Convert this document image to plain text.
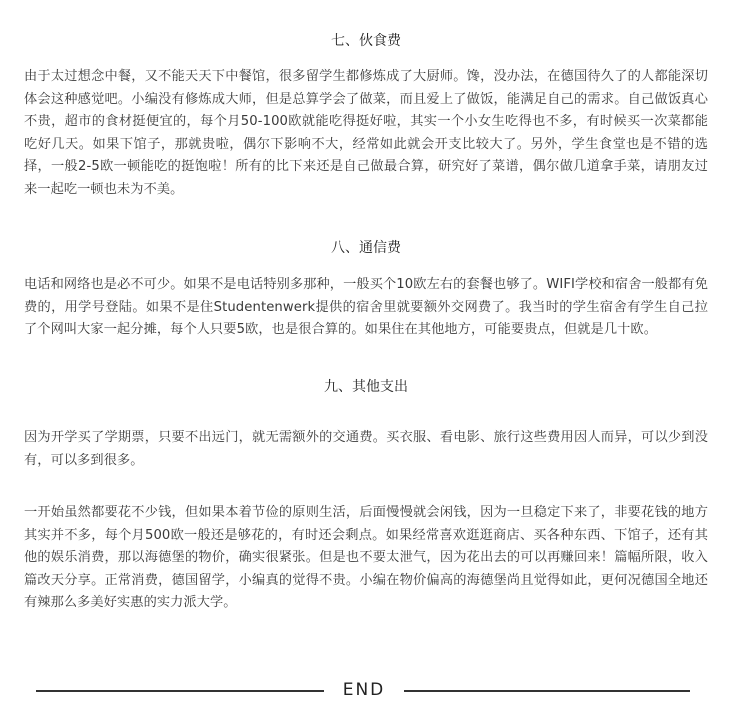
七、伙食费

由于太过想念中餐，又不能天天下中餐馆，很多留学生都修炼成了大厨师。馋，没办法，在德国待久了的人都能深切体会这种感觉吧。小编没有修炼成大师，但是总算学会了做菜，而且爱上了做饭，能满足自己的需求。自己做饭真心不贵，超市的食材挺便宜的，每个月50-100欧就能吃得挺好啦，其实一个小女生吃得也不多，有时候买一次菜都能吃好几天。如果下馆子，那就贵啦，偶尔下影响不大，经常如此就会开支比较大了。另外，学生食堂也是不错的选择，一般2-5欧一顿能吃的挺饱啦！所有的比下来还是自己做最合算，研究好了菜谱，偶尔做几道拿手菜，请朋友过来一起吃一顿也未为不美。

八、通信费

电话和网络也是必不可少。如果不是电话特别多那种，一般买个10欧左右的套餐也够了。WIFI学校和宿舍一般都有免费的，用学号登陆。如果不是住Studentenwerk提供的宿舍里就要额外交网费了。我当时的学生宿舍有学生自己拉了个网叫大家一起分摊，每个人只要5欧，也是很合算的。如果住在其他地方，可能要贵点，但就是几十欧。

九、其他支出

因为开学买了学期票，只要不出远门，就无需额外的交通费。买衣服、看电影、旅行这些费用因人而异，可以少到没有，可以多到很多。

一开始虽然都要花不少钱，但如果本着节俭的原则生活，后面慢慢就会闲钱，因为一旦稳定下来了，非要花钱的地方其实并不多，每个月500欧一般还是够花的，有时还会剩点。如果经常喜欢逛逛商店、买各种东西、下馆子，还有其他的娱乐消费，那以海德堡的物价，确实很紧张。但是也不要太泄气，因为花出去的可以再赚回来！篇幅所限，收入篇改天分享。正常消费，德国留学，小编真的觉得不贵。小编在物价偏高的海德堡尚且觉得如此，更何况德国全地还有辣那么多美好实惠的实力派大学。

END
